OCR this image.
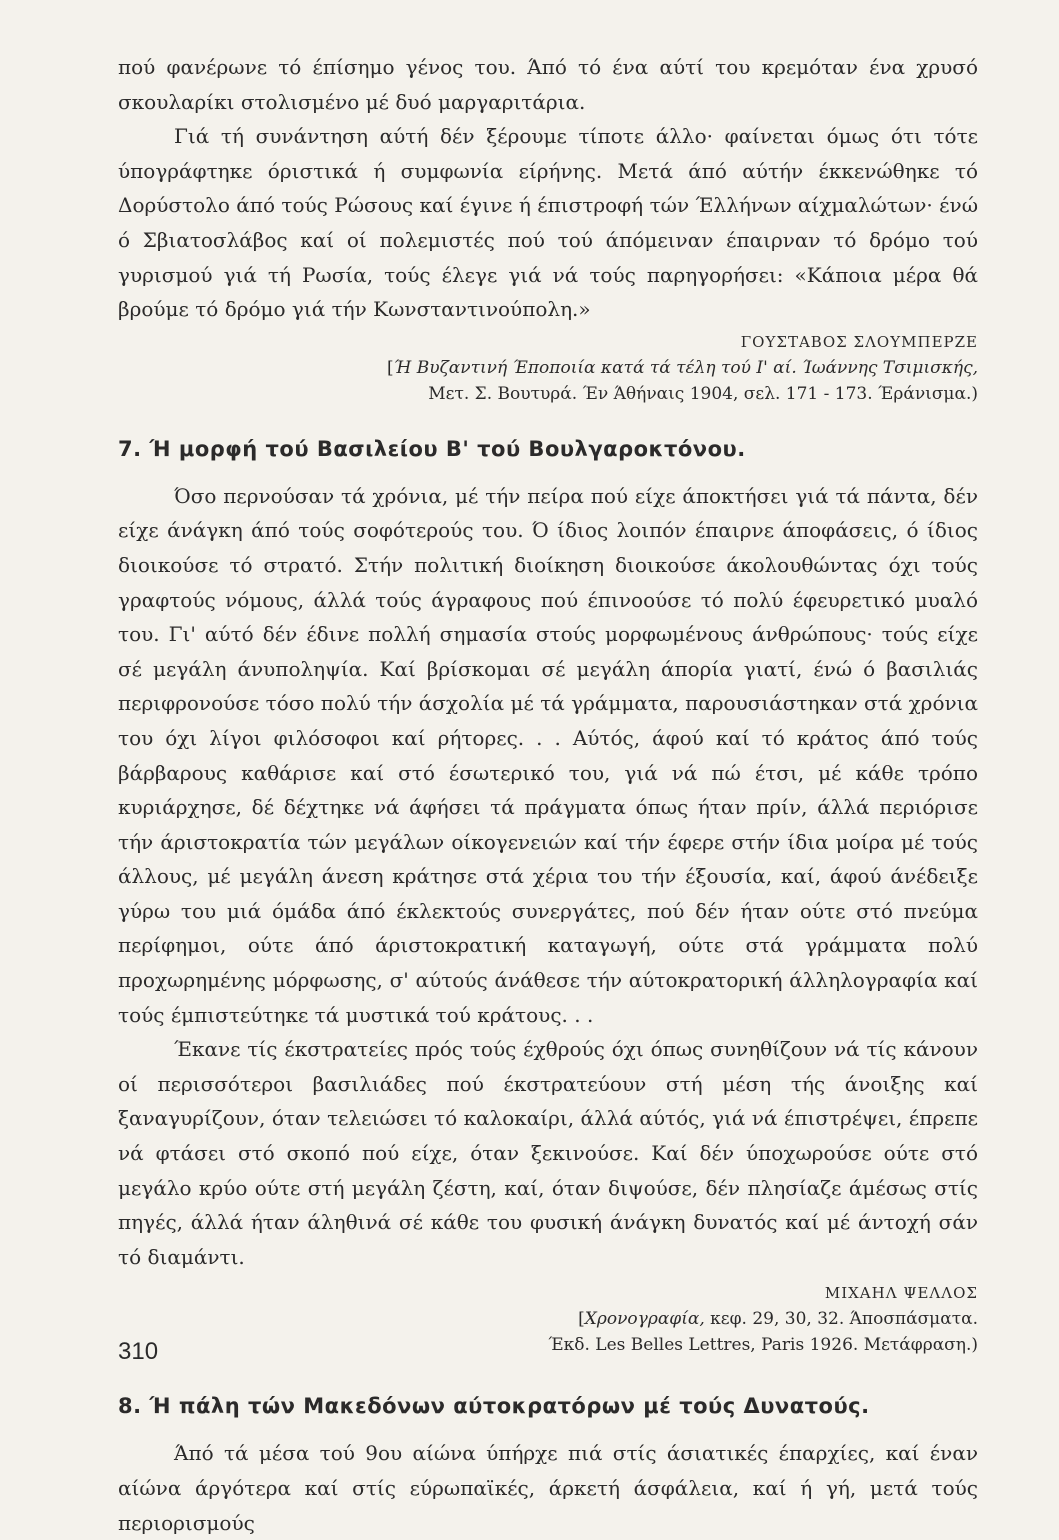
πού φανέρωνε τό έπίσημο γένος του. Άπό τό ένα αύτί του κρεμόταν ένα χρυσό σκουλαρίκι στολισμένο μέ δυό μαργαριτάρια.

Γιά τή συνάντηση αύτή δέν ξέρουμε τίποτε άλλο· φαίνεται όμως ότι τότε ύπογράφτηκε όριστικά ή συμφωνία είρήνης. Μετά άπό αύτήν έκκενώθηκε τό Δορύστολο άπό τούς Ρώσους καί έγινε ή έπιστροφή τών Έλλήνων αίχμαλώτων· ένώ ό Σβιατοσλάβος καί οί πολεμιστές πού τού άπόμειναν έπαιρναν τό δρόμο τού γυρισμού γιά τή Ρωσία, τούς έλεγε γιά νά τούς παρηγορήσει: «Κάποια μέρα θά βρούμε τό δρόμο γιά τήν Κωνσταντινούπολη.»

ΓΟΥΣΤΑΒΟΣ ΣΛΟΥΜΠΕΡΖΕ
[Ή Βυζαντινή Έποποιία κατά τά τέλη τού Ι' αί. Ίωάννης Τσιμισκής,
Μετ. Σ. Βουτυρά. Έν Άθήναις 1904, σελ. 171 - 173. Έράνισμα.)
7. Ή μορφή τού Βασιλείου Β' τού Βουλγαροκτόνου.

Όσο περνούσαν τά χρόνια, μέ τήν πείρα πού είχε άποκτήσει γιά τά πάντα, δέν είχε άνάγκη άπό τούς σοφότερούς του. Ό ίδιος λοιπόν έπαιρνε άποφάσεις, ό ίδιος διοικούσε τό στρατό. Στήν πολιτική διοίκηση διοικούσε άκολουθώντας όχι τούς γραφτούς νόμους, άλλά τούς άγραφους πού έπινοούσε τό πολύ έφευρετικό μυαλό του. Γι' αύτό δέν έδινε πολλή σημασία στούς μορφωμένους άνθρώπους· τούς είχε σέ μεγάλη άνυποληψία. Καί βρίσκομαι σέ μεγάλη άπορία γιατί, ένώ ό βασιλιάς περιφρονούσε τόσο πολύ τήν άσχολία μέ τά γράμματα, παρουσιάστηκαν στά χρόνια του όχι λίγοι φιλόσοφοι καί ρήτορες. . . Αύτός, άφού καί τό κράτος άπό τούς βάρβαρους καθάρισε καί στό έσωτερικό του, γιά νά πώ έτσι, μέ κάθε τρόπο κυριάρχησε, δέ δέχτηκε νά άφήσει τά πράγματα όπως ήταν πρίν, άλλά περιόρισε τήν άριστοκρατία τών μεγάλων οίκογενειών καί τήν έφερε στήν ίδια μοίρα μέ τούς άλλους, μέ μεγάλη άνεση κράτησε στά χέρια του τήν έξουσία, καί, άφού άνέδειξε γύρω του μιά όμάδα άπό έκλεκτούς συνεργάτες, πού δέν ήταν ούτε στό πνεύμα περίφημοι, ούτε άπό άριστοκρατική καταγωγή, ούτε στά γράμματα πολύ προχωρημένης μόρφωσης, σ' αύτούς άνάθεσε τήν αύτοκρατορική άλληλογραφία καί τούς έμπιστεύτηκε τά μυστικά τού κράτους. . .

Έκανε τίς έκστρατείες πρός τούς έχθρούς όχι όπως συνηθίζουν νά τίς κάνουν οί περισσότεροι βασιλιάδες πού έκστρατεύουν στή μέση τής άνοιξης καί ξαναγυρίζουν, όταν τελειώσει τό καλοκαίρι, άλλά αύτός, γιά νά έπιστρέψει, έπρεπε νά φτάσει στό σκοπό πού είχε, όταν ξεκινούσε. Καί δέν ύποχωρούσε ούτε στό μεγάλο κρύο ούτε στή μεγάλη ζέστη, καί, όταν διψούσε, δέν πλησίαζε άμέσως στίς πηγές, άλλά ήταν άληθινά σέ κάθε του φυσική άνάγκη δυνατός καί μέ άντοχή σάν τό διαμάντι.

ΜΙΧΑΗΛ ΨΕΛΛΟΣ
[Χρονογραφία, κεφ. 29, 30, 32. Άποσπάσματα.
Έκδ. Les Belles Lettres, Paris 1926. Μετάφραση.)
8. Ή πάλη τών Μακεδόνων αύτοκρατόρων μέ τούς Δυνατούς.

Άπό τά μέσα τού 9ου αίώνα ύπήρχε πιά στίς άσιατικές έπαρχίες, καί έναν αίώνα άργότερα καί στίς εύρωπαϊκές, άρκετή άσφάλεια, καί ή γή, μετά τούς περιορισμούς

310
